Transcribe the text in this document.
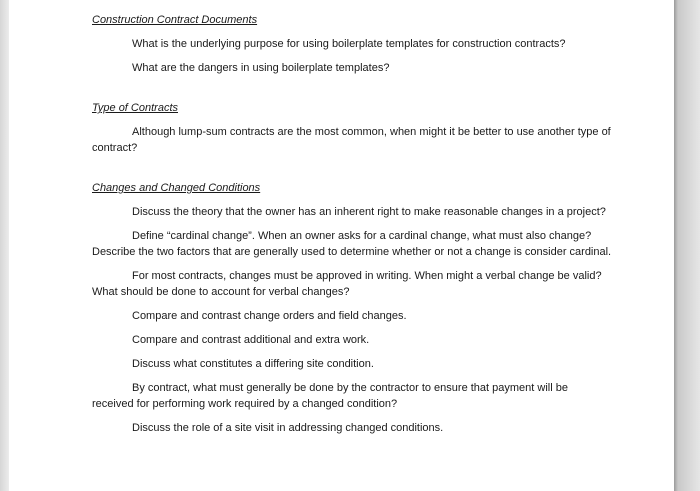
Construction Contract Documents

What is the underlying purpose for using boilerplate templates for construction contracts?

What are the dangers in using boilerplate templates?

Type of Contracts

Although lump-sum contracts are the most common, when might it be better to use another type of contract?

Changes and Changed Conditions

Discuss the theory that the owner has an inherent right to make reasonable changes in a project?

Define “cardinal change”. When an owner asks for a cardinal change, what must also change? Describe the two factors that are generally used to determine whether or not a change is consider cardinal.

For most contracts, changes must be approved in writing. When might a verbal change be valid? What should be done to account for verbal changes?

Compare and contrast change orders and field changes.

Compare and contrast additional and extra work.

Discuss what constitutes a differing site condition.

By contract, what must generally be done by the contractor to ensure that payment will be received for performing work required by a changed condition?

Discuss the role of a site visit in addressing changed conditions.
